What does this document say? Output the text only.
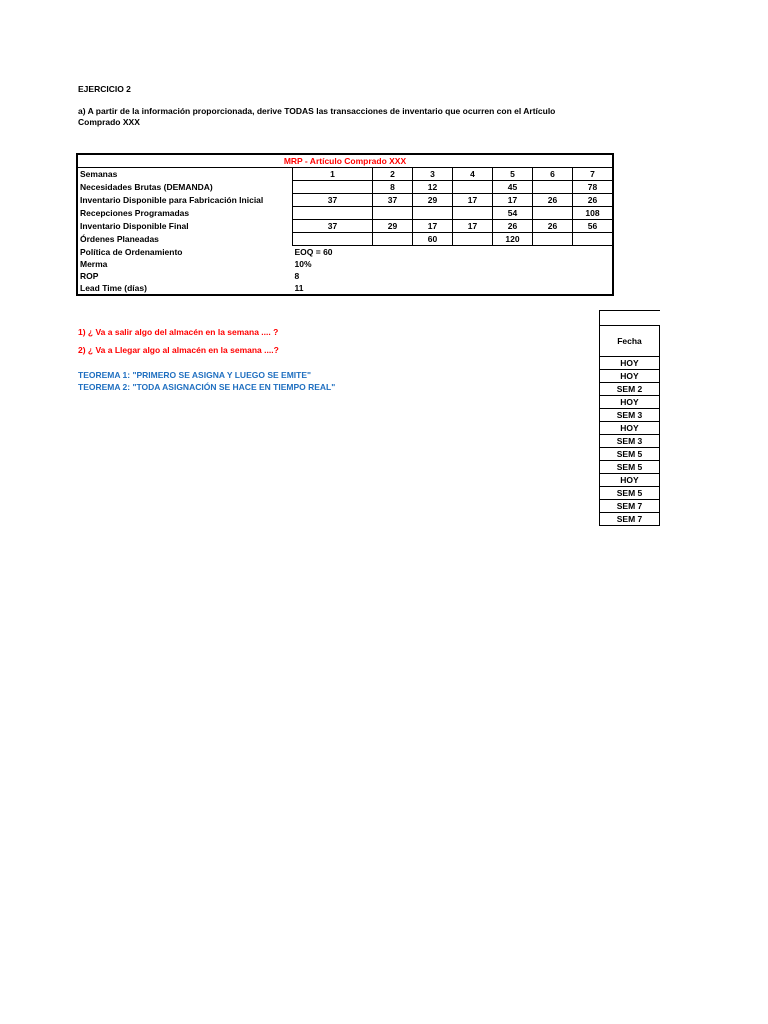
EJERCICIO 2
a) A partir de la información proporcionada, derive TODAS las transacciones de inventario que ocurren con el Artículo Comprado XXX
MRP - Artículo Comprado XXX							
Semanas	1	2	3	4	5	6	7
Necesidades Brutas (DEMANDA)		8	12		45		78
Inventario Disponible para Fabricación Inicial	37	37	29	17	17	26	26
Recepciones Programadas					54		108
Inventario Disponible Final	37	29	17	17	26	26	56
Órdenes Planeadas			60		120		
Política de Ordenamiento	EOQ = 60						
Merma	10%						
ROP	8						
Lead Time (días)	11						
1) ¿ Va a salir algo del almacén en la semana .... ?
2) ¿ Va a Llegar algo al almacén en la semana ....?
TEOREMA 1: "PRIMERO SE ASIGNA Y LUEGO SE EMITE"
TEOREMA 2: "TODA ASIGNACIÓN SE HACE EN TIEMPO REAL"

Fecha
HOY
HOY
SEM 2
HOY
SEM 3
HOY
SEM 3
SEM 5
SEM 5
HOY
SEM 5
SEM 7
SEM 7
